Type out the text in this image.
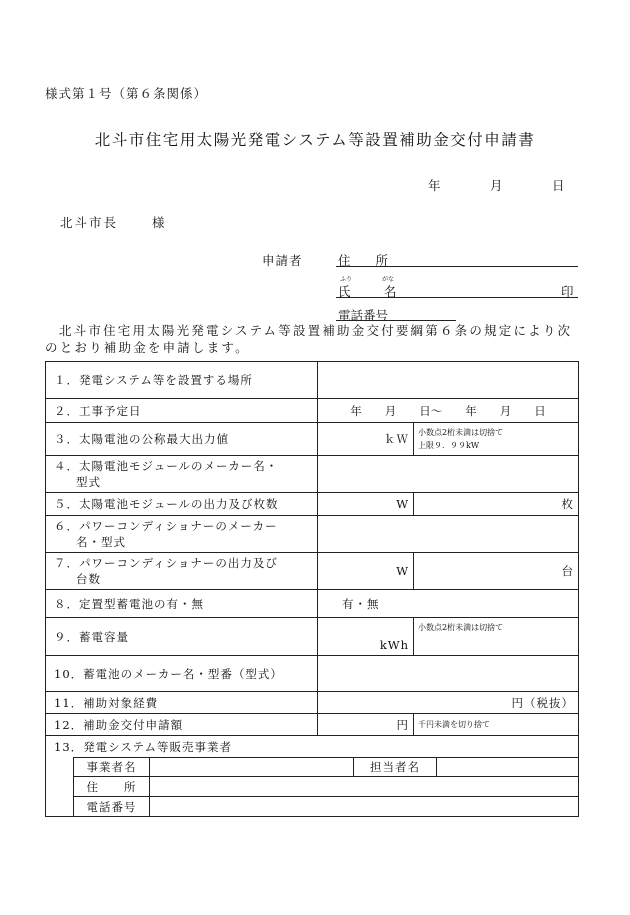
様式第１号（第６条関係）
北斗市住宅用太陽光発電システム等設置補助金交付申請書
年	月	日
北斗市長	様
申請者	住　　所
ふり	がな
氏	名	印
電話番号
北斗市住宅用太陽光発電システム等設置補助金交付要綱第６条の規定により次のとおり補助金を申請します。
１．発電システム等を設置する場所						
２．工事予定日			年　　月　　日～　　年　　月　　日			
３．太陽電池の公称最大出力値			ｋＷ		小数点2桁未満は切捨て
上限９．９９kW	

４．太陽電池モジュールのメーカー名・
型式						

５．太陽電池モジュールの出力及び枚数			W		枚	
６．パワーコンディショナーのメーカー
名・型式						

７．パワーコンディショナーの出力及び
台数			W		台	
８．定置型蓄電池の有・無			有・無			
９．蓄電容量			kWh		小数点2桁未満は切捨て	
10．蓄電池のメーカー名・型番（型式）						
11．補助対象経費			円（税抜）			
12．補助金交付申請額			円		千円未満を切り捨て	
13．発電システム等販売事業者						
	事業者名			担当者名		
	住　　所					
	電話番号					
